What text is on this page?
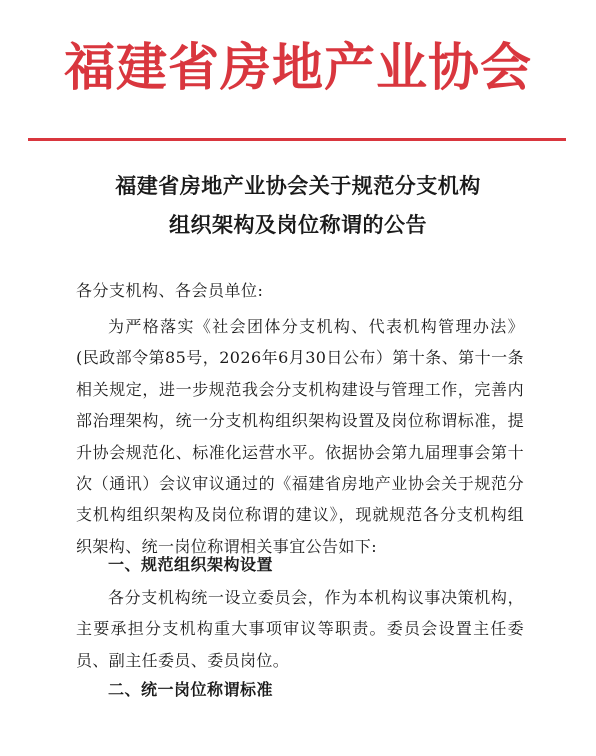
福建省房地产业协会
福建省房地产业协会关于规范分支机构
组织架构及岗位称谓的公告
各分支机构、各会员单位:

为严格落实《社会团体分支机构、代表机构管理办法》(民政部令第85号，2026年6月30日公布）第十条、第十一条相关规定，进一步规范我会分支机构建设与管理工作，完善内部治理架构，统一分支机构组织架构设置及岗位称谓标准，提升协会规范化、标准化运营水平。依据协会第九届理事会第十次（通讯）会议审议通过的《福建省房地产业协会关于规范分支机构组织架构及岗位称谓的建议》，现就规范各分支机构组织架构、统一岗位称谓相关事宜公告如下:

一、规范组织架构设置

各分支机构统一设立委员会，作为本机构议事决策机构，主要承担分支机构重大事项审议等职责。委员会设置主任委员、副主任委员、委员岗位。

二、统一岗位称谓标准
